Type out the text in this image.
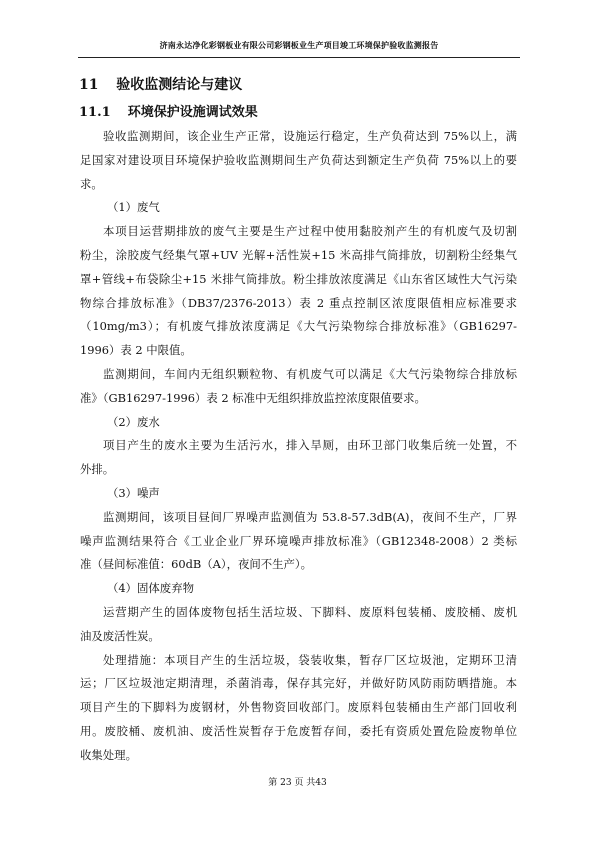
济南永达净化彩钢板业有限公司彩钢板业生产项目竣工环境保护验收监测报告
11 验收监测结论与建议
11.1 环境保护设施调试效果
验收监测期间，该企业生产正常，设施运行稳定，生产负荷达到 75%以上，满
足国家对建设项目环境保护验收监测期间生产负荷达到额定生产负荷 75%以上的要
求。
（1）废气
本项目运营期排放的废气主要是生产过程中使用黏胶剂产生的有机废气及切割
粉尘，涂胶废气经集气罩+UV 光解+活性炭+15 米高排气筒排放，切割粉尘经集气
罩+管线+布袋除尘+15 米排气筒排放。粉尘排放浓度满足《山东省区域性大气污染
物综合排放标准》（DB37/2376-2013）表 2 重点控制区浓度限值相应标准要求
（10mg/m3）；有机废气排放浓度满足《大气污染物综合排放标准》（GB16297-
1996）表 2 中限值。
监测期间，车间内无组织颗粒物、有机废气可以满足《大气污染物综合排放标
准》（GB16297-1996）表 2 标准中无组织排放监控浓度限值要求。
（2）废水
项目产生的废水主要为生活污水，排入旱厕，由环卫部门收集后统一处置，不
外排。
（3）噪声
监测期间，该项目昼间厂界噪声监测值为 53.8-57.3dB(A)，夜间不生产，厂界
噪声监测结果符合《工业企业厂界环境噪声排放标准》（GB12348-2008）2 类标
准（昼间标准值：60dB（A），夜间不生产）。
（4）固体废弃物
运营期产生的固体废物包括生活垃圾、下脚料、废原料包装桶、废胶桶、废机
油及废活性炭。
处理措施：本项目产生的生活垃圾，袋装收集，暂存厂区垃圾池，定期环卫清
运；厂区垃圾池定期清理，杀菌消毒，保存其完好，并做好防风防雨防晒措施。本
项目产生的下脚料为废钢材，外售物资回收部门。废原料包装桶由生产部门回收利
用。废胶桶、废机油、废活性炭暂存于危废暂存间，委托有资质处置危险废物单位
收集处理。
第 23 页 共43
